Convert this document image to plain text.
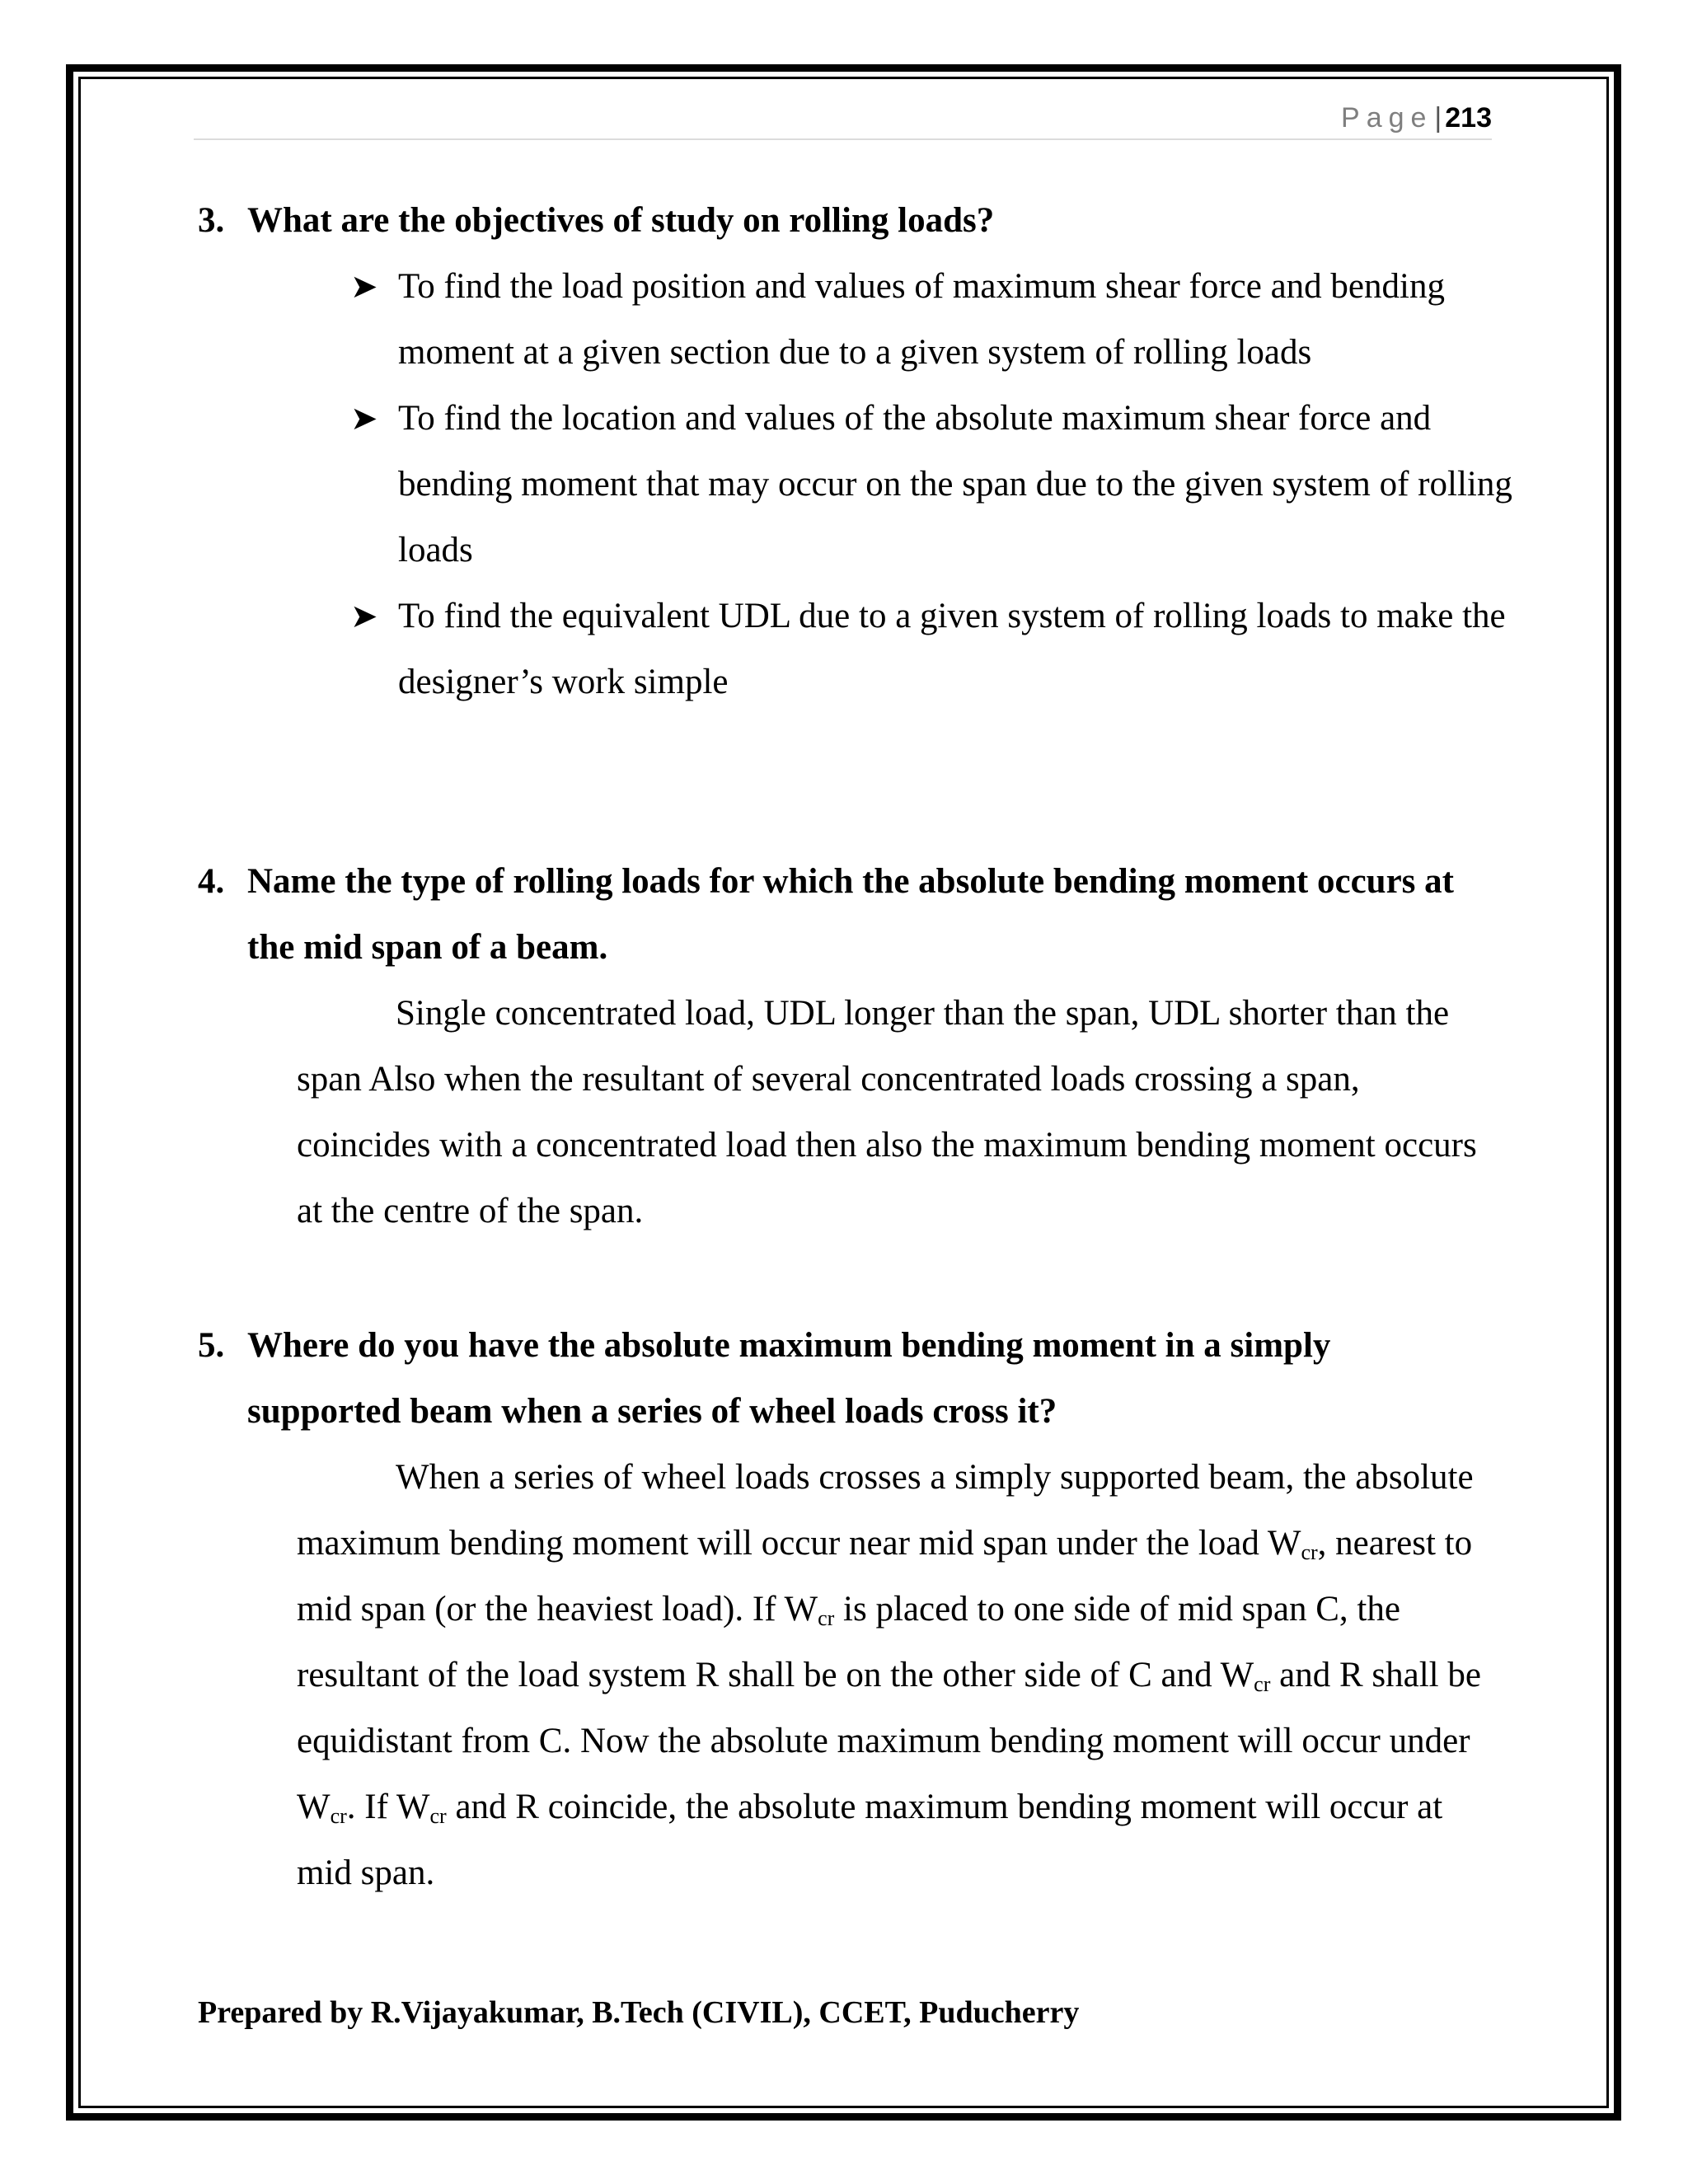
Page| 213
3. What are the objectives of study on rolling loads?
➤ To find the load position and values of maximum shear force and bending moment at a given section due to a given system of rolling loads
➤ To find the location and values of the absolute maximum shear force and bending moment that may occur on the span due to the given system of rolling loads
➤ To find the equivalent UDL due to a given system of rolling loads to make the designer’s work simple
4. Name the type of rolling loads for which the absolute bending moment occurs at the mid span of a beam.
Single concentrated load, UDL longer than the span, UDL shorter than the span Also when the resultant of several concentrated loads crossing a span, coincides with a concentrated load then also the maximum bending moment occurs at the centre of the span.
5. Where do you have the absolute maximum bending moment in a simply supported beam when a series of wheel loads cross it?
When a series of wheel loads crosses a simply supported beam, the absolute maximum bending moment will occur near mid span under the load $W_{cr}$, nearest to mid span (or the heaviest load). If $W_{cr}$ is placed to one side of mid span C, the resultant of the load system R shall be on the other side of C and $W_{cr}$ and R shall be equidistant from C. Now the absolute maximum bending moment will occur under $W_{cr}$. If $W_{cr}$ and R coincide, the absolute maximum bending moment will occur at mid span.
Prepared by R.Vijayakumar, B.Tech (CIVIL), CCET, Puducherry
